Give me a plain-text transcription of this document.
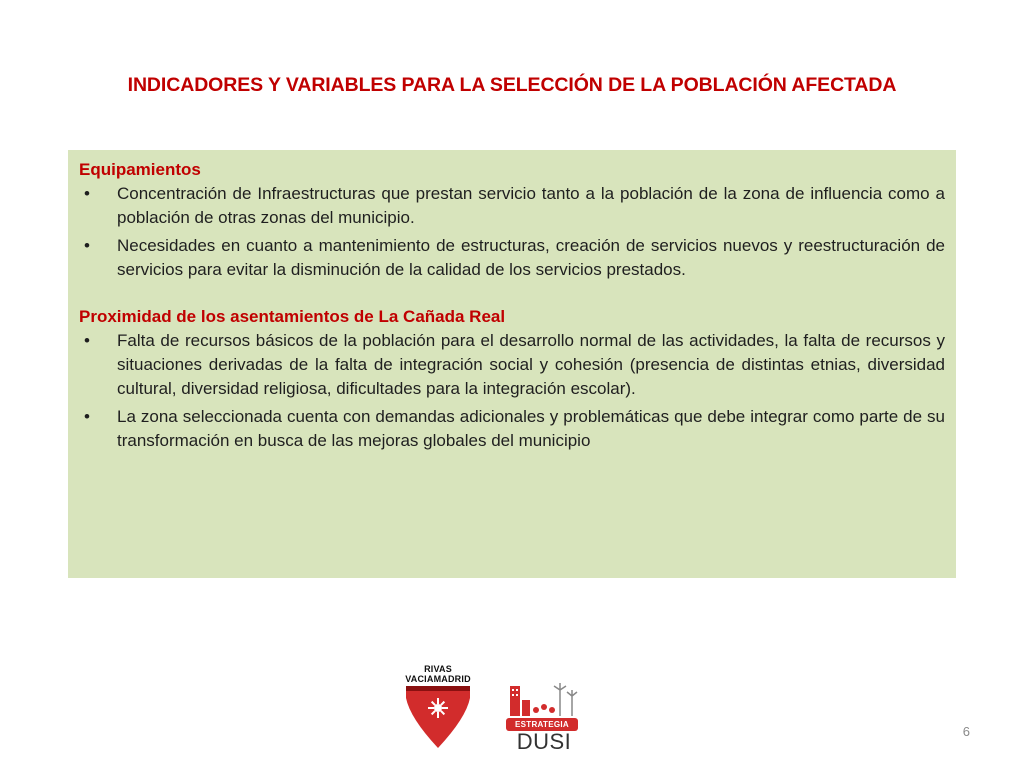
INDICADORES Y VARIABLES PARA LA SELECCIÓN DE LA POBLACIÓN AFECTADA
Equipamientos
•	Concentración de Infraestructuras que prestan servicio tanto a la población de la zona de influencia como a población de otras zonas del municipio.
•	Necesidades en cuanto a mantenimiento de estructuras, creación de servicios nuevos y reestructuración de servicios para evitar la disminución de la calidad de los servicios prestados.
Proximidad de los asentamientos de La Cañada Real
•	Falta de recursos básicos de la población para el desarrollo normal de las actividades, la falta de recursos y situaciones derivadas de la falta de integración social y cohesión (presencia de distintas etnias, diversidad cultural, diversidad religiosa, dificultades para la integración escolar).
•	La zona seleccionada cuenta con demandas adicionales y problemáticas que debe integrar como parte de su transformación en busca de las mejoras globales del municipio
RIVAS
VACIAMADRID
ESTRATEGIA
DUSI	6
